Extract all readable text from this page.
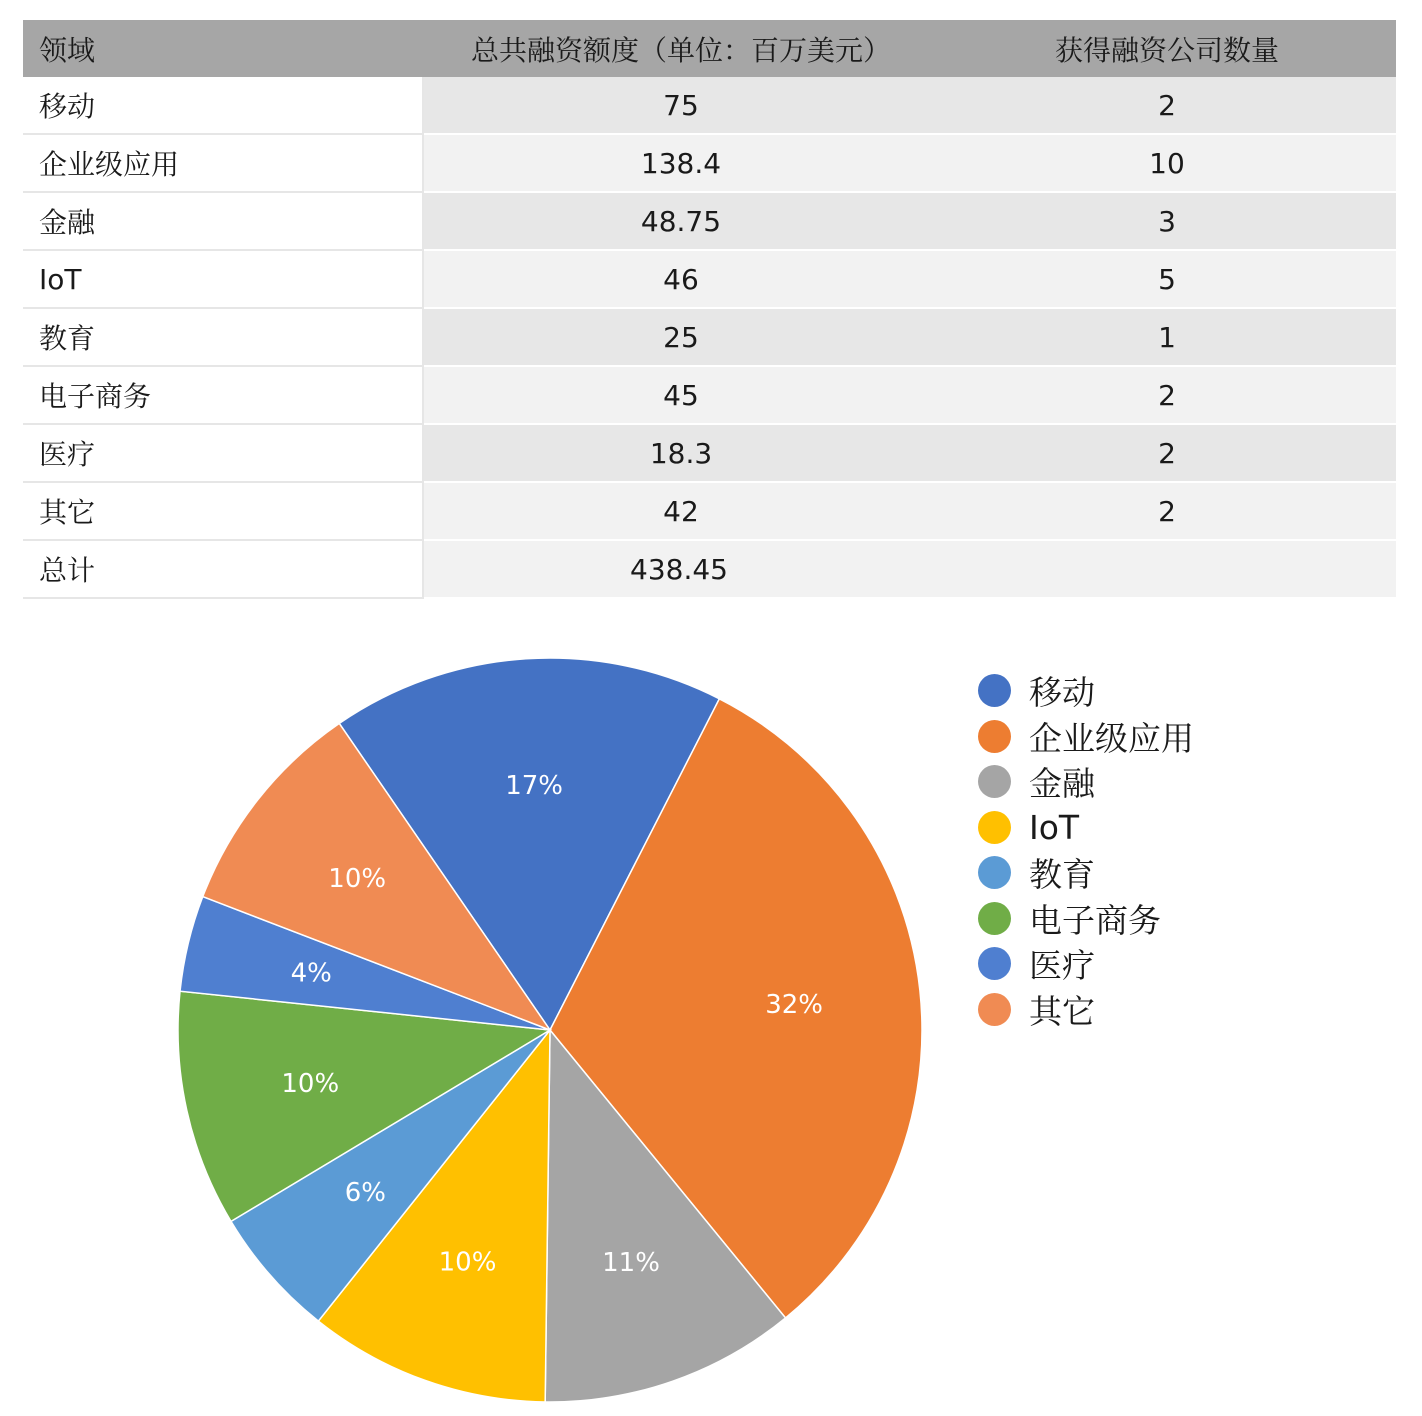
领域	总共融资额度（单位：百万美元）	获得融资公司数量
移动	75	2
企业级应用	138.4	10
金融	48.75	3
IoT	46	5
教育	25	1
电子商务	45	2
医疗	18.3	2
其它	42	2
总计	438.45
17%
32%
11%
10%
6%
10%
4%
10%
移动
企业级应用
金融
IoT
教育
电子商务
医疗
其它
